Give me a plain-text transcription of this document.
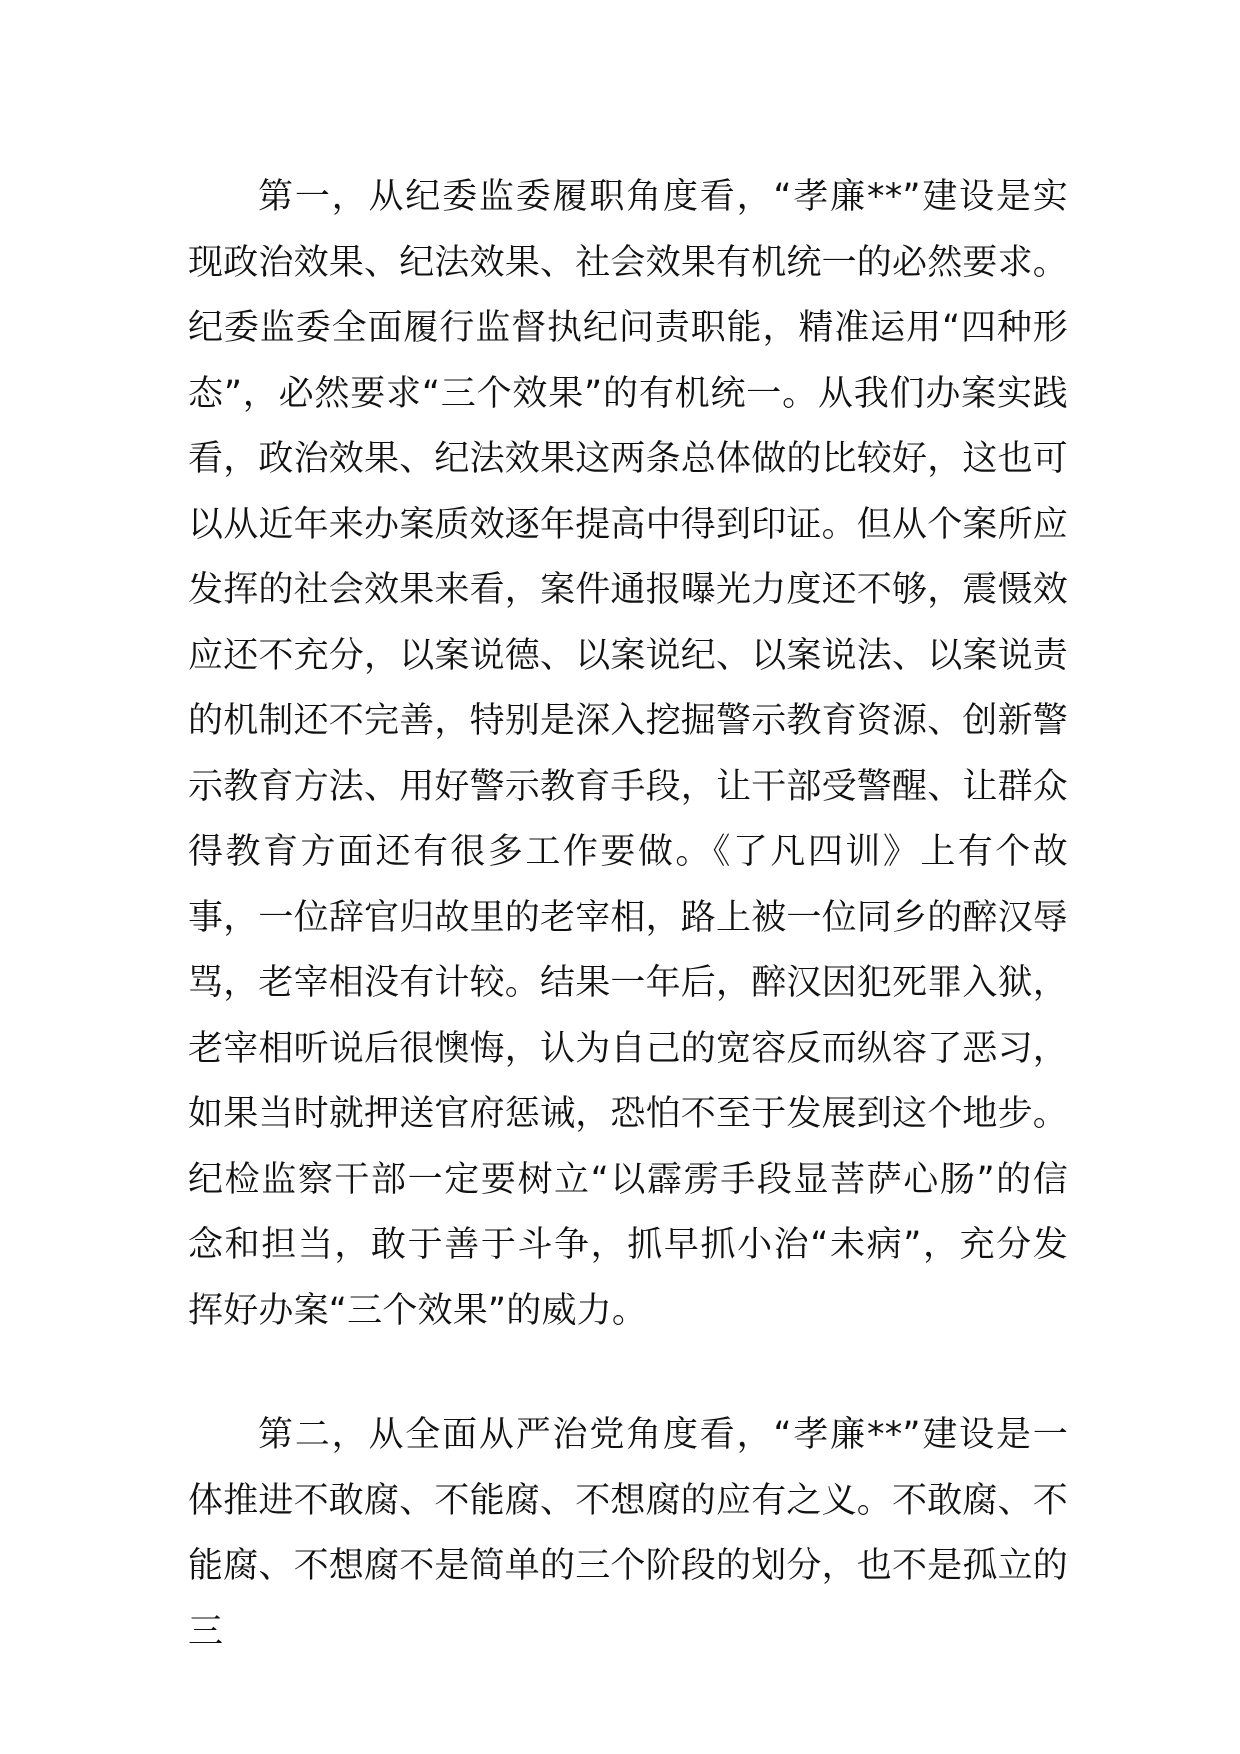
第一，从纪委监委履职角度看，“孝廉**”建设是实现政治效果、纪法效果、社会效果有机统一的必然要求。纪委监委全面履行监督执纪问责职能，精准运用“四种形态”，必然要求“三个效果”的有机统一。从我们办案实践看，政治效果、纪法效果这两条总体做的比较好，这也可以从近年来办案质效逐年提高中得到印证。但从个案所应发挥的社会效果来看，案件通报曝光力度还不够，震慑效应还不充分，以案说德、以案说纪、以案说法、以案说责的机制还不完善，特别是深入挖掘警示教育资源、创新警示教育方法、用好警示教育手段，让干部受警醒、让群众得教育方面还有很多工作要做。《了凡四训》上有个故事，一位辞官归故里的老宰相，路上被一位同乡的醉汉辱骂，老宰相没有计较。结果一年后，醉汉因犯死罪入狱，老宰相听说后很懊悔，认为自己的宽容反而纵容了恶习，如果当时就押送官府惩诫，恐怕不至于发展到这个地步。纪检监察干部一定要树立“以霹雳手段显菩萨心肠”的信念和担当，敢于善于斗争，抓早抓小治“未病”，充分发挥好办案“三个效果”的威力。

第二，从全面从严治党角度看，“孝廉**”建设是一体推进不敢腐、不能腐、不想腐的应有之义。不敢腐、不能腐、不想腐不是简单的三个阶段的划分，也不是孤立的三
